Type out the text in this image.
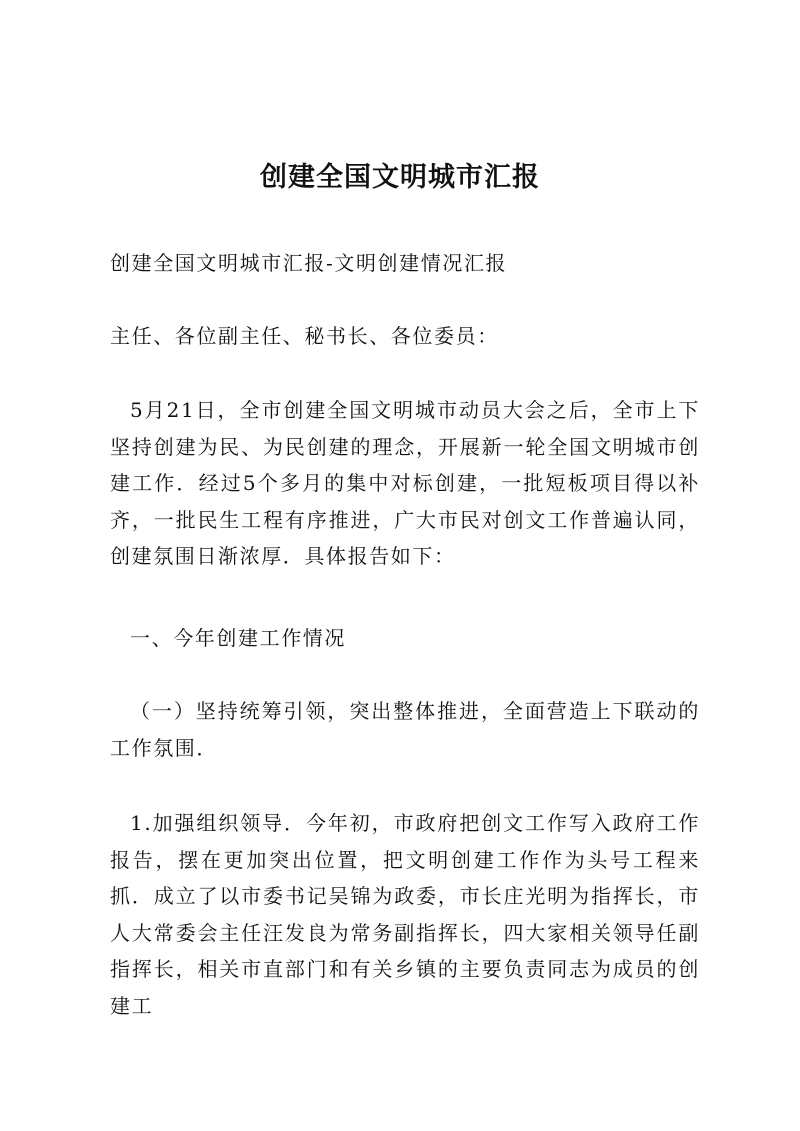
创建全国文明城市汇报
创建全国文明城市汇报-文明创建情况汇报
主任、各位副主任、秘书长、各位委员：
5月21日，全市创建全国文明城市动员大会之后，全市上下坚持创建为民、为民创建的理念，开展新一轮全国文明城市创建工作．经过5个多月的集中对标创建，一批短板项目得以补齐，一批民生工程有序推进，广大市民对创文工作普遍认同，创建氛围日渐浓厚．具体报告如下：
一、今年创建工作情况
（一）坚持统筹引领，突出整体推进，全面营造上下联动的工作氛围．
1.加强组织领导．今年初，市政府把创文工作写入政府工作报告，摆在更加突出位置，把文明创建工作作为头号工程来抓．成立了以市委书记吴锦为政委，市长庄光明为指挥长，市人大常委会主任汪发良为常务副指挥长，四大家相关领导任副指挥长，相关市直部门和有关乡镇的主要负责同志为成员的创建工
